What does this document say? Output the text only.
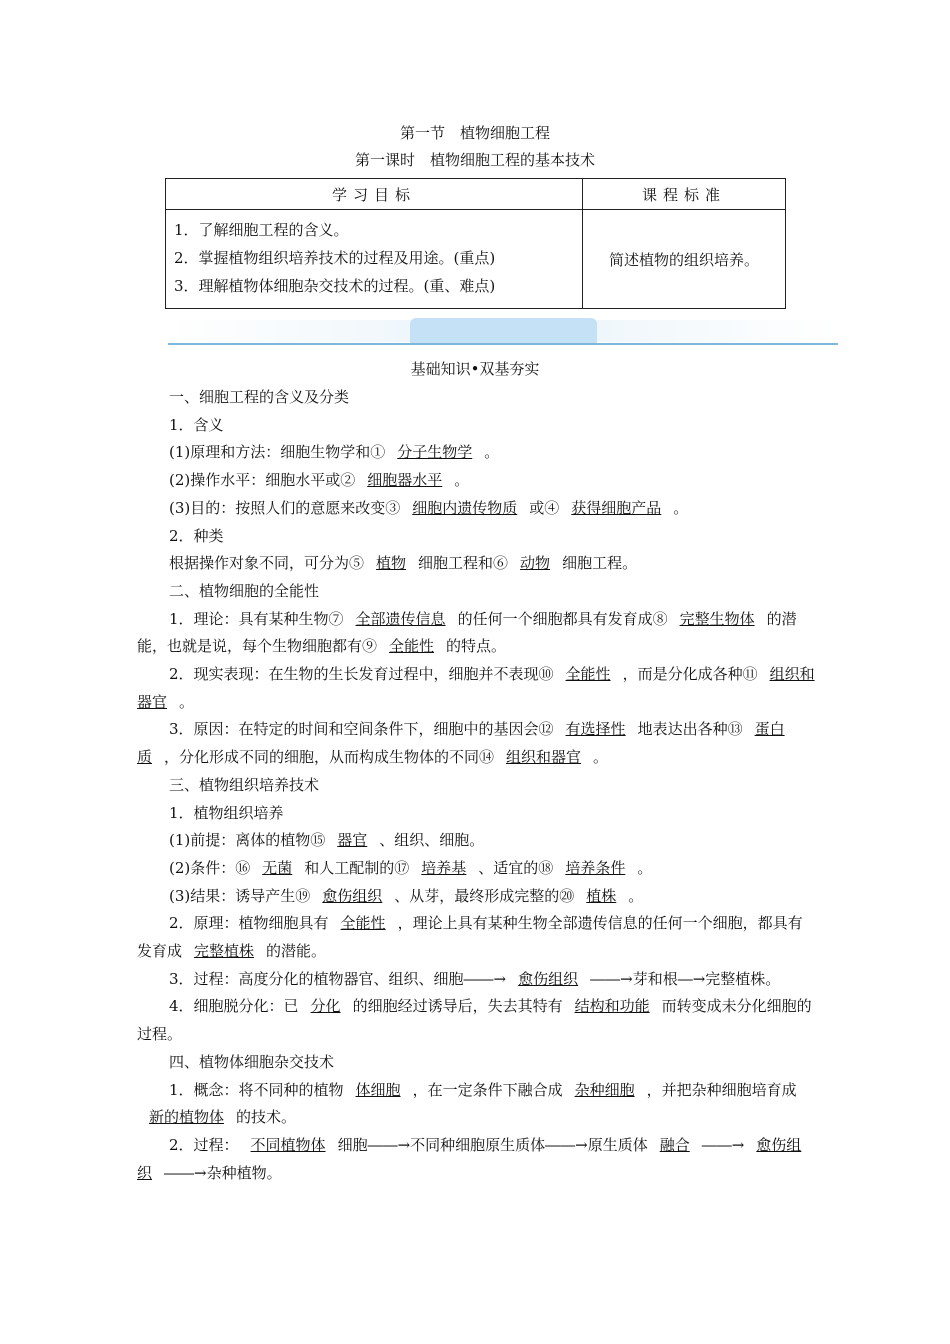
第一节　植物细胞工程
第一课时　植物细胞工程的基本技术
学习目标	课程标准

1．了解细胞工程的含义。
2．掌握植物组织培养技术的过程及用途。(重点)
3．理解植物体细胞杂交技术的过程。(重、难点)	简述植物的组织培养。
基础知识•双基夯实

一、细胞工程的含义及分类

1．含义

(1)原理和方法：细胞生物学和① 分子生物学 。

(2)操作水平：细胞水平或② 细胞器水平 。

(3)目的：按照人们的意愿来改变③ 细胞内遗传物质 或④ 获得细胞产品 。

2．种类

根据操作对象不同，可分为⑤ 植物 细胞工程和⑥ 动物 细胞工程。

二、植物细胞的全能性

1．理论：具有某种生物⑦ 全部遗传信息 的任何一个细胞都具有发育成⑧ 完整生物体 的潜能，也就是说，每个生物细胞都有⑨ 全能性 的特点。

2．现实表现：在生物的生长发育过程中，细胞并不表现⑩ 全能性 ，而是分化成各种⑪ 组织和器官 。

3．原因：在特定的时间和空间条件下，细胞中的基因会⑫ 有选择性 地表达出各种⑬ 蛋白质 ，分化形成不同的细胞，从而构成生物体的不同⑭ 组织和器官 。

三、植物组织培养技术

1．植物组织培养

(1)前提：离体的植物⑮ 器官 、组织、细胞。

(2)条件：⑯ 无菌 和人工配制的⑰ 培养基 、适宜的⑱ 培养条件 。

(3)结果：诱导产生⑲ 愈伤组织 、从芽，最终形成完整的⑳ 植株 。

2．原理：植物细胞具有 全能性 ，理论上具有某种生物全部遗传信息的任何一个细胞，都具有发育成 完整植株 的潜能。

3．过程：高度分化的植物器官、组织、细胞――→ 愈伤组织 ――→芽和根―→完整植株。

4．细胞脱分化：已 分化 的细胞经过诱导后，失去其特有 结构和功能 而转变成未分化细胞的过程。

四、植物体细胞杂交技术

1．概念：将不同种的植物 体细胞 ，在一定条件下融合成 杂种细胞 ，并把杂种细胞培育成新的植物体 的技术。

2．过程： 不同植物体 细胞――→不同种细胞原生质体――→原生质体 融合 ――→ 愈伤组织 ――→杂种植物。
